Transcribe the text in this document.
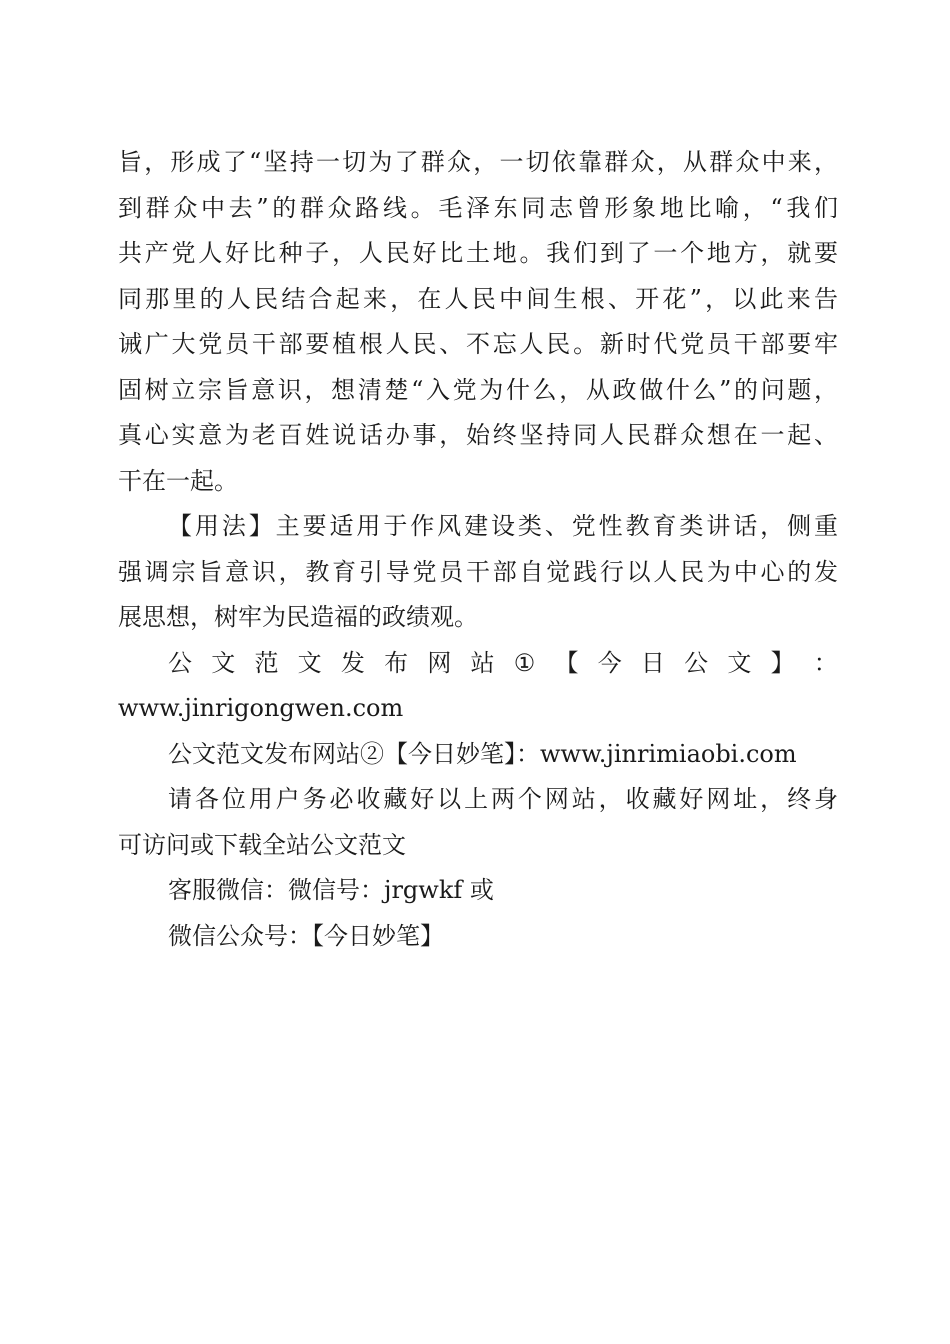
旨，形成了“坚持一切为了群众，一切依靠群众，从群众中来，
到群众中去”的群众路线。毛泽东同志曾形象地比喻，“我们
共产党人好比种子，人民好比土地。我们到了一个地方，就要
同那里的人民结合起来，在人民中间生根、开花”，以此来告
诫广大党员干部要植根人民、不忘人民。新时代党员干部要牢
固树立宗旨意识，想清楚“入党为什么，从政做什么”的问题，
真心实意为老百姓说话办事，始终坚持同人民群众想在一起、
干在一起。
【用法】主要适用于作风建设类、党性教育类讲话，侧重
强调宗旨意识，教育引导党员干部自觉践行以人民为中心的发
展思想，树牢为民造福的政绩观。
公 文 范 文 发 布 网 站 ① 【 今 日 公 文 】 ：
www.jinrigongwen.com
公文范文发布网站②【今日妙笔】：www.jinrimiaobi.com
请各位用户务必收藏好以上两个网站，收藏好网址，终身
可访问或下载全站公文范文
客服微信：微信号：jrgwkf 或
微信公众号：【今日妙笔】
